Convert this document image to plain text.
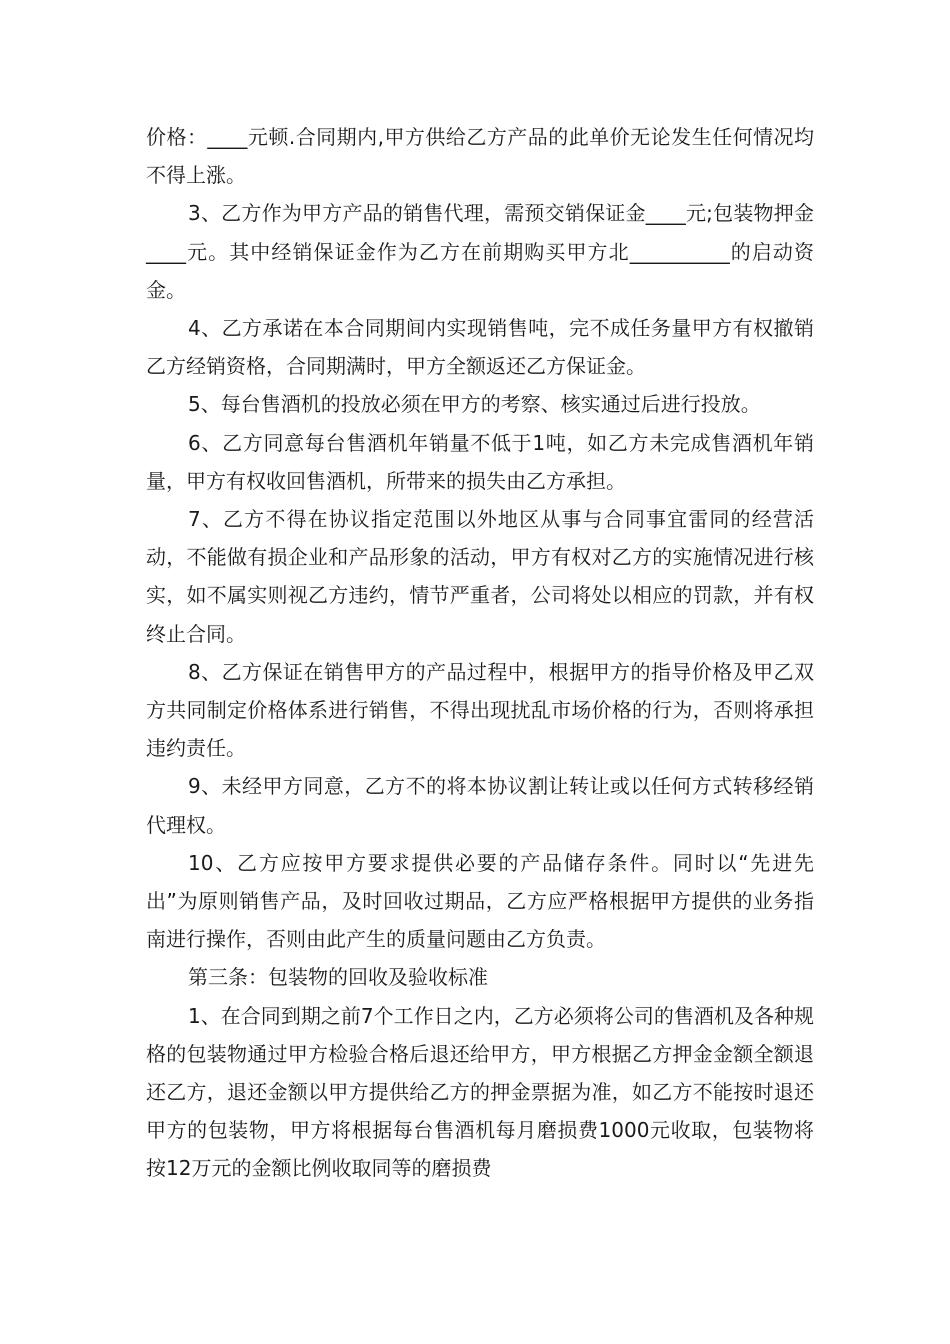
价格：____元顿.合同期内,甲方供给乙方产品的此单价无论发生任何情况均不得上涨。

3、乙方作为甲方产品的销售代理，需预交销保证金____元;包装物押金____元。其中经销保证金作为乙方在前期购买甲方北__________的启动资金。

4、乙方承诺在本合同期间内实现销售吨，完不成任务量甲方有权撤销乙方经销资格，合同期满时，甲方全额返还乙方保证金。

5、每台售酒机的投放必须在甲方的考察、核实通过后进行投放。

6、乙方同意每台售酒机年销量不低于1吨，如乙方未完成售酒机年销量，甲方有权收回售酒机，所带来的损失由乙方承担。

7、乙方不得在协议指定范围以外地区从事与合同事宜雷同的经营活动，不能做有损企业和产品形象的活动，甲方有权对乙方的实施情况进行核实，如不属实则视乙方违约，情节严重者，公司将处以相应的罚款，并有权终止合同。

8、乙方保证在销售甲方的产品过程中，根据甲方的指导价格及甲乙双方共同制定价格体系进行销售，不得出现扰乱市场价格的行为，否则将承担违约责任。

9、未经甲方同意，乙方不的将本协议割让转让或以任何方式转移经销代理权。

10、乙方应按甲方要求提供必要的产品储存条件。同时以“先进先出”为原则销售产品，及时回收过期品，乙方应严格根据甲方提供的业务指南进行操作，否则由此产生的质量问题由乙方负责。

第三条：包装物的回收及验收标准

1、在合同到期之前7个工作日之内，乙方必须将公司的售酒机及各种规格的包装物通过甲方检验合格后退还给甲方，甲方根据乙方押金金额全额退还乙方，退还金额以甲方提供给乙方的押金票据为准，如乙方不能按时退还甲方的包装物，甲方将根据每台售酒机每月磨损费1000元收取，包装物将按12万元的金额比例收取同等的磨损费
